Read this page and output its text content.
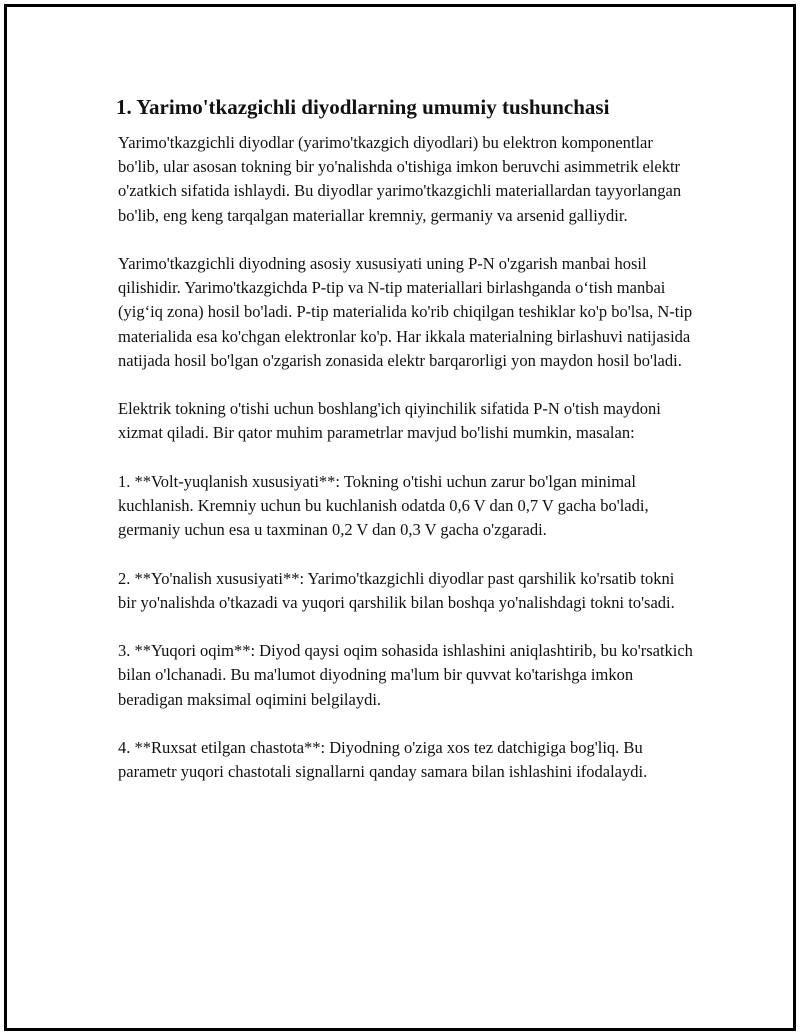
1. Yarimo'tkazgichli diyodlarning umumiy tushunchasi

Yarimo'tkazgichli diyodlar (yarimo'tkazgich diyodlari) bu elektron komponentlar bo'lib, ular asosan tokning bir yo'nalishda o'tishiga imkon beruvchi asimmetrik elektr o'zatkich sifatida ishlaydi. Bu diyodlar yarimo'tkazgichli materiallardan tayyorlangan bo'lib, eng keng tarqalgan materiallar kremniy, germaniy va arsenid galliydir.

Yarimo'tkazgichli diyodning asosiy xususiyati uning P-N o'zgarish manbai hosil qilishidir. Yarimo'tkazgichda P-tip va N-tip materiallari birlashganda o‘tish manbai (yig‘iq zona) hosil bo'ladi. P-tip materialida ko'rib chiqilgan teshiklar ko'p bo'lsa, N-tip materialida esa ko'chgan elektronlar ko'p. Har ikkala materialning birlashuvi natijasida natijada hosil bo'lgan o'zgarish zonasida elektr barqarorligi yon maydon hosil bo'ladi.

Elektrik tokning o'tishi uchun boshlang'ich qiyinchilik sifatida P-N o'tish maydoni xizmat qiladi. Bir qator muhim parametrlar mavjud bo'lishi mumkin, masalan:

1. **Volt-yuqlanish xususiyati**: Tokning o'tishi uchun zarur bo'lgan minimal kuchlanish. Kremniy uchun bu kuchlanish odatda 0,6 V dan 0,7 V gacha bo'ladi, germaniy uchun esa u taxminan 0,2 V dan 0,3 V gacha o'zgaradi.

2. **Yo'nalish xususiyati**: Yarimo'tkazgichli diyodlar past qarshilik ko'rsatib tokni bir yo'nalishda o'tkazadi va yuqori qarshilik bilan boshqa yo'nalishdagi tokni to'sadi.

3. **Yuqori oqim**: Diyod qaysi oqim sohasida ishlashini aniqlashtirib, bu ko'rsatkich bilan o'lchanadi. Bu ma'lumot diyodning ma'lum bir quvvat ko'tarishga imkon beradigan maksimal oqimini belgilaydi.

4. **Ruxsat etilgan chastota**: Diyodning o'ziga xos tez datchigiga bog'liq. Bu parametr yuqori chastotali signallarni qanday samara bilan ishlashini ifodalaydi.
